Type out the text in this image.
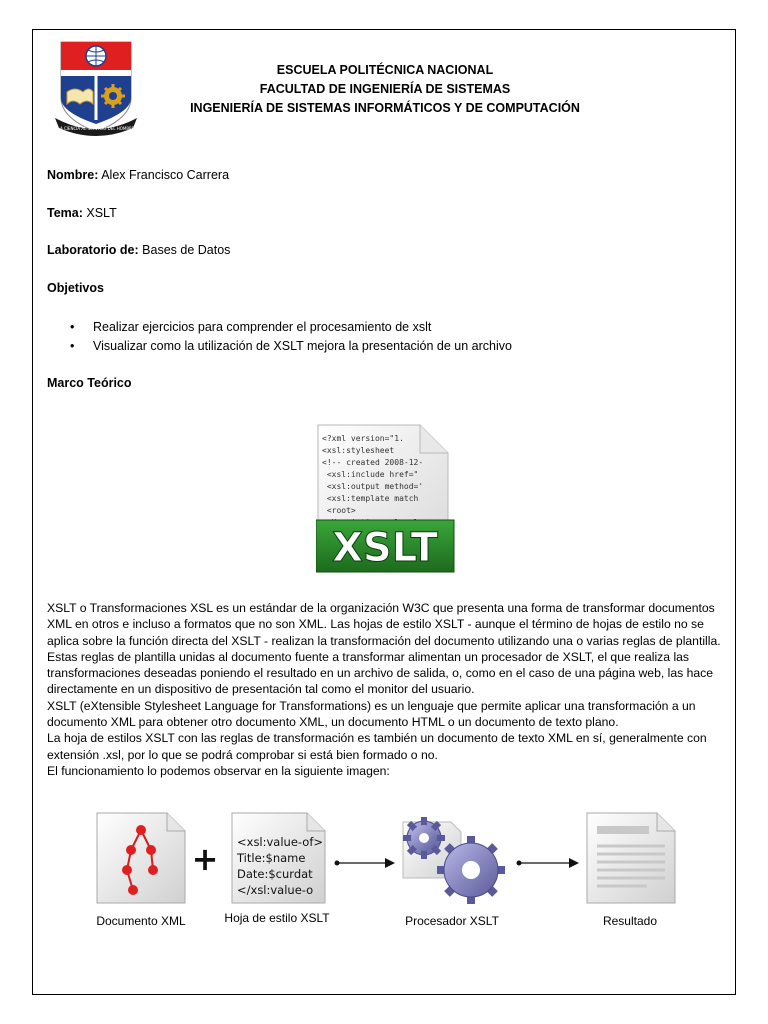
LA CIENCIA AL SERVICIO DEL HOMBRE
ESCUELA POLITÉCNICA NACIONAL
FACULTAD DE INGENIERÍA DE SISTEMAS
INGENIERÍA DE SISTEMAS INFORMÁTICOS Y DE COMPUTACIÓN
Nombre: Alex Francisco Carrera
Tema: XSLT
Laboratorio de: Bases de Datos
Objetivos
• Realizar ejercicios para comprender el procesamiento de xslt
• Visualizar como la utilización de XSLT mejora la presentación de un archivo
Marco Teórico
<?xml version="1.
<xsl:stylesheet
<!-- created 2008-12-
<xsl:include href="
<xsl:output method='
<xsl:template match
<root>
XSLT

XSLT o Transformaciones XSL es un estándar de la organización W3C que presenta una forma de transformar documentos XML en otros e incluso a formatos que no son XML. Las hojas de estilo XSLT - aunque el término de hojas de estilo no se aplica sobre la función directa del XSLT - realizan la transformación del documento utilizando una o varias reglas de plantilla. Estas reglas de plantilla unidas al documento fuente a transformar alimentan un procesador de XSLT, el que realiza las transformaciones deseadas poniendo el resultado en un archivo de salida, o, como en el caso de una página web, las hace directamente en un dispositivo de presentación tal como el monitor del usuario.

XSLT (eXtensible Stylesheet Language for Transformations) es un lenguaje que permite aplicar una transformación a un documento XML para obtener otro documento XML, un documento HTML o un documento de texto plano.

La hoja de estilos XSLT con las reglas de transformación es también un documento de texto XML en sí, generalmente con extensión .xsl, por lo que se podrá comprobar si está bien formado o no.

El funcionamiento lo podemos observar en la siguiente imagen:

+ <xsl:value-of>
Title:$name
Date:$curdat
</xsl:value-o
Documento XML	Hoja de estilo XSLT	Procesador XSLT	Resultado
